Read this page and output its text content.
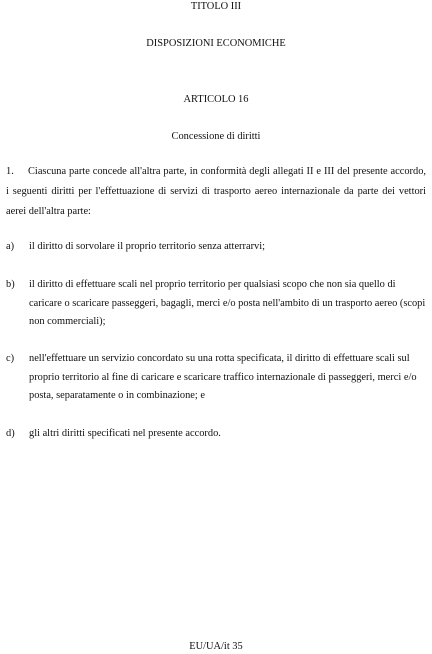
TITOLO III
DISPOSIZIONI ECONOMICHE
ARTICOLO 16
Concessione di diritti
1. Ciascuna parte concede all'altra parte, in conformità degli allegati II e III del presente accordo, i seguenti diritti per l'effettuazione di servizi di trasporto aereo internazionale da parte dei vettori aerei dell'altra parte:
a)	il diritto di sorvolare il proprio territorio senza atterrarvi;
b)	il diritto di effettuare scali nel proprio territorio per qualsiasi scopo che non sia quello di caricare o scaricare passeggeri, bagagli, merci e/o posta nell'ambito di un trasporto aereo (scopi non commerciali);
c)	nell'effettuare un servizio concordato su una rotta specificata, il diritto di effettuare scali sul proprio territorio al fine di caricare e scaricare traffico internazionale di passeggeri, merci e/o posta, separatamente o in combinazione; e
d)	gli altri diritti specificati nel presente accordo.
EU/UA/it 35
